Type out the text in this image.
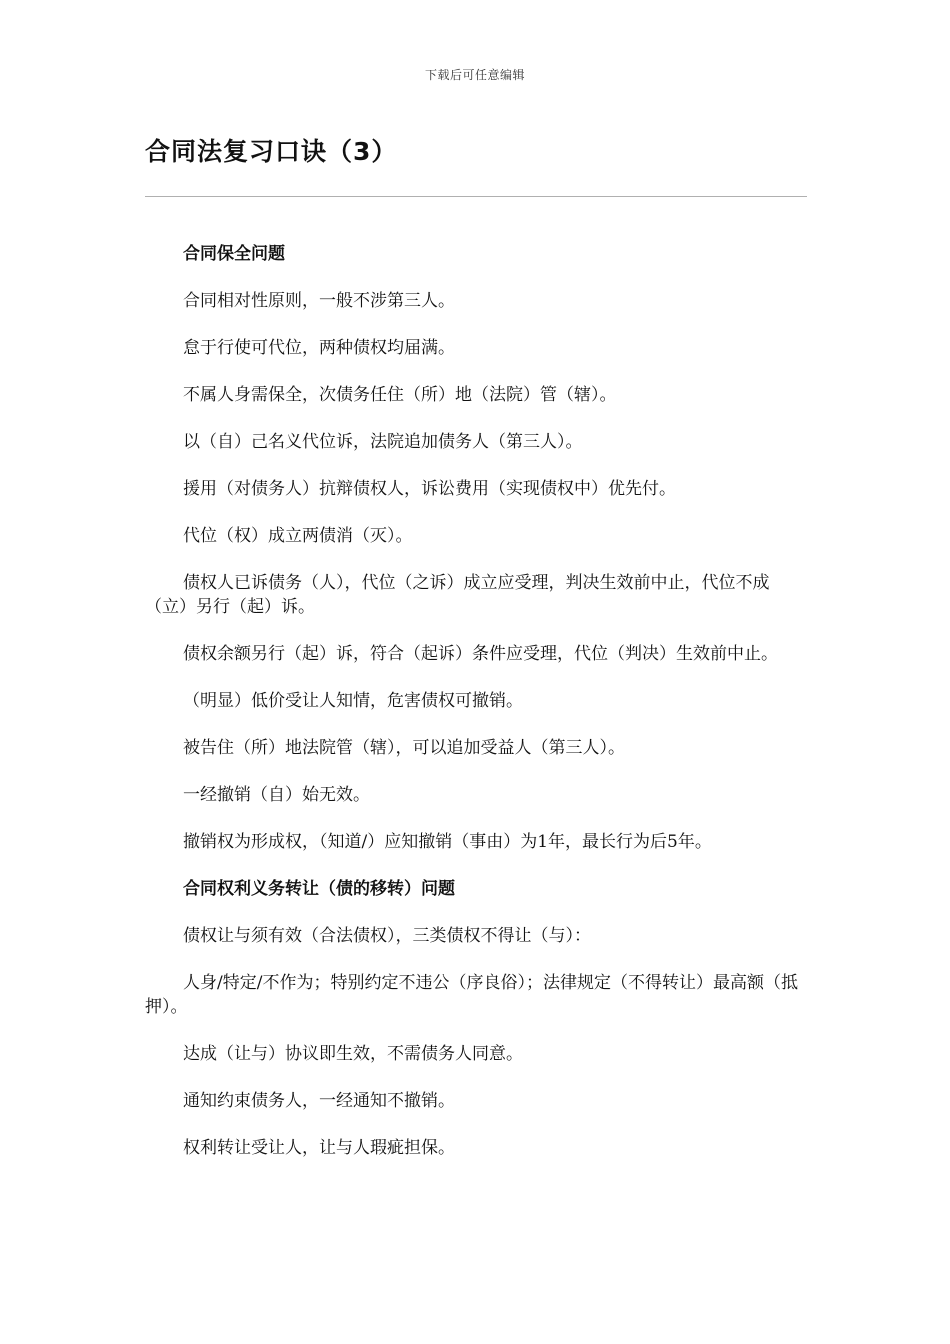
下载后可任意编辑
合同法复习口诀（3）

合同保全问题

合同相对性原则，一般不涉第三人。

怠于行使可代位，两种债权均届满。

不属人身需保全，次债务任住（所）地（法院）管（辖）。

以（自）己名义代位诉，法院追加债务人（第三人）。

援用（对债务人）抗辩债权人，诉讼费用（实现债权中）优先付。

代位（权）成立两债消（灭）。

债权人已诉债务（人），代位（之诉）成立应受理，判决生效前中止，代位不成（立）另行（起）诉。

债权余额另行（起）诉，符合（起诉）条件应受理，代位（判决）生效前中止。

（明显）低价受让人知情，危害债权可撤销。

被告住（所）地法院管（辖），可以追加受益人（第三人）。

一经撤销（自）始无效。

撤销权为形成权，（知道/）应知撤销（事由）为1年，最长行为后5年。

合同权利义务转让（债的移转）问题

债权让与须有效（合法债权），三类债权不得让（与）：

人身/特定/不作为；特别约定不违公（序良俗）；法律规定（不得转让）最高额（抵押）。

达成（让与）协议即生效，不需债务人同意。

通知约束债务人，一经通知不撤销。

权利转让受让人，让与人瑕疵担保。
